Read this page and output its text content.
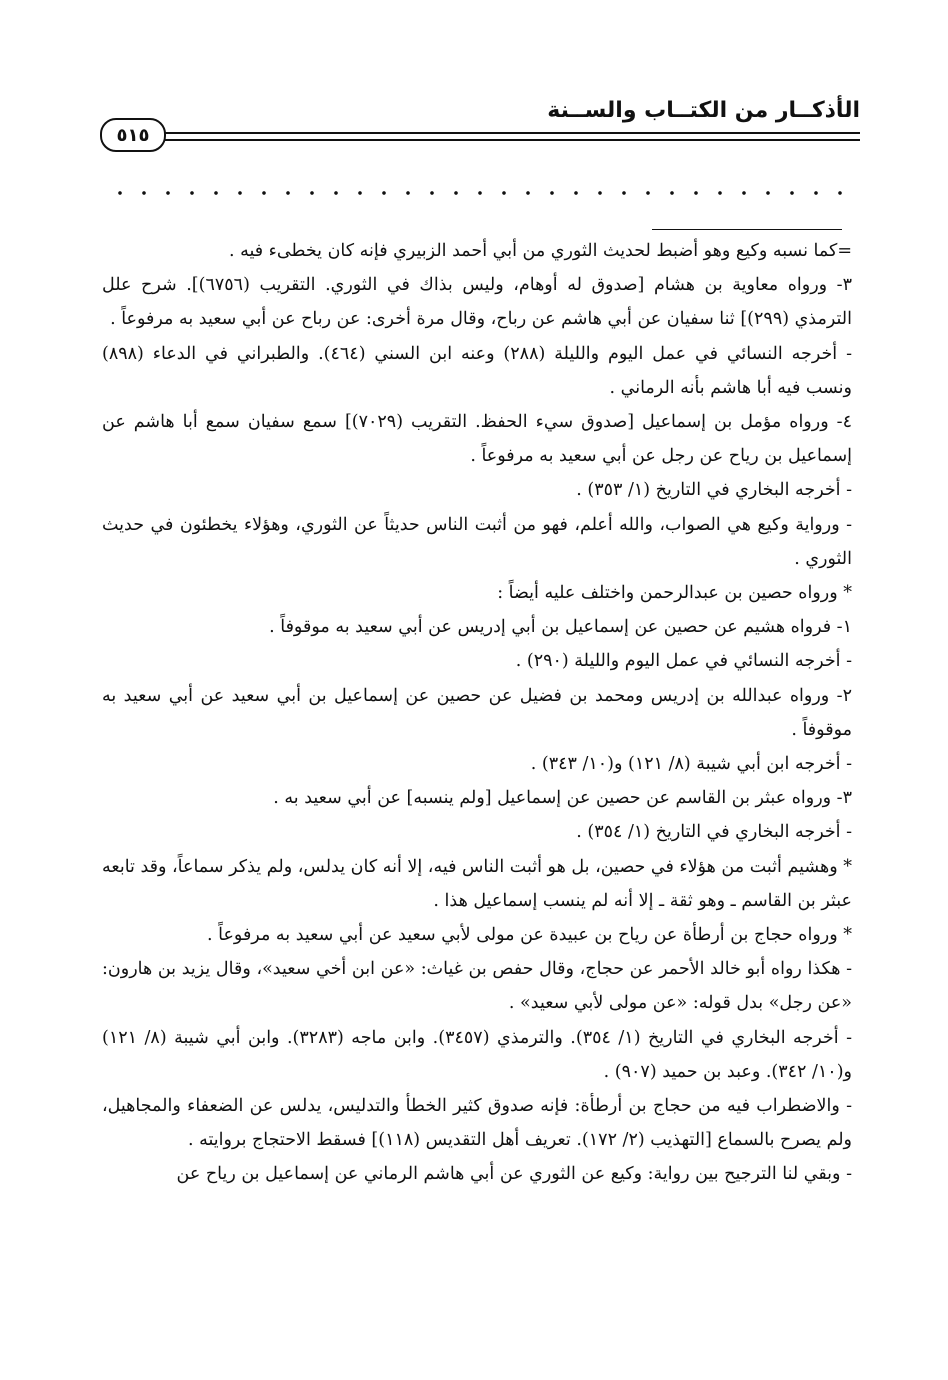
الأذكــار من الكتــاب والســنة
٥١٥

=كما نسبه وكيع وهو أضبط لحديث الثوري من أبي أحمد الزبيري فإنه كان يخطىء فيه .

٣- ورواه معاوية بن هشام [صدوق له أوهام، وليس بذاك في الثوري. التقريب (٦٧٥٦)]. شرح علل الترمذي (٢٩٩)] ثنا سفيان عن أبي هاشم عن رباح، وقال مرة أخرى: عن رباح عن أبي سعيد به مرفوعاً .

- أخرجه النسائي في عمل اليوم والليلة (٢٨٨) وعنه ابن السني (٤٦٤). والطبراني في الدعاء (٨٩٨) ونسب فيه أبا هاشم بأنه الرماني .

٤- ورواه مؤمل بن إسماعيل [صدوق سيء الحفظ. التقريب (٧٠٢٩)] سمع سفيان سمع أبا هاشم عن إسماعيل بن رياح عن رجل عن أبي سعيد به مرفوعاً .

- أخرجه البخاري في التاريخ (١/ ٣٥٣) .

- ورواية وكيع هي الصواب، والله أعلم، فهو من أثبت الناس حديثاً عن الثوري، وهؤلاء يخطئون في حديث الثوري .

* ورواه حصين بن عبدالرحمن واختلف عليه أيضاً :

١- فرواه هشيم عن حصين عن إسماعيل بن أبي إدريس عن أبي سعيد به موقوفاً .

- أخرجه النسائي في عمل اليوم والليلة (٢٩٠) .

٢- ورواه عبدالله بن إدريس ومحمد بن فضيل عن حصين عن إسماعيل بن أبي سعيد عن أبي سعيد به موقوفاً .

- أخرجه ابن أبي شيبة (٨/ ١٢١) و(١٠/ ٣٤٣) .

٣- ورواه عبثر بن القاسم عن حصين عن إسماعيل [ولم ينسبه] عن أبي سعيد به .

- أخرجه البخاري في التاريخ (١/ ٣٥٤) .

* وهشيم أثبت من هؤلاء في حصين، بل هو أثبت الناس فيه، إلا أنه كان يدلس، ولم يذكر سماعاً، وقد تابعه عبثر بن القاسم ـ وهو ثقة ـ إلا أنه لم ينسب إسماعيل هذا .

* ورواه حجاج بن أرطأة عن رياح بن عبيدة عن مولى لأبي سعيد عن أبي سعيد به مرفوعاً .

- هكذا رواه أبو خالد الأحمر عن حجاج، وقال حفص بن غياث: «عن ابن أخي سعيد»، وقال يزيد بن هارون: «عن رجل» بدل قوله: «عن مولى لأبي سعيد» .

- أخرجه البخاري في التاريخ (١/ ٣٥٤). والترمذي (٣٤٥٧). وابن ماجه (٣٢٨٣). وابن أبي شيبة (٨/ ١٢١) و(١٠/ ٣٤٢). وعبد بن حميد (٩٠٧) .

- والاضطراب فيه من حجاج بن أرطأة: فإنه صدوق كثير الخطأ والتدليس، يدلس عن الضعفاء والمجاهيل، ولم يصرح بالسماع [التهذيب (٢/ ١٧٢). تعريف أهل التقديس (١١٨)] فسقط الاحتجاج بروايته .

- وبقي لنا الترجيح بين رواية: وكيع عن الثوري عن أبي هاشم الرماني عن إسماعيل بن رياح عن
